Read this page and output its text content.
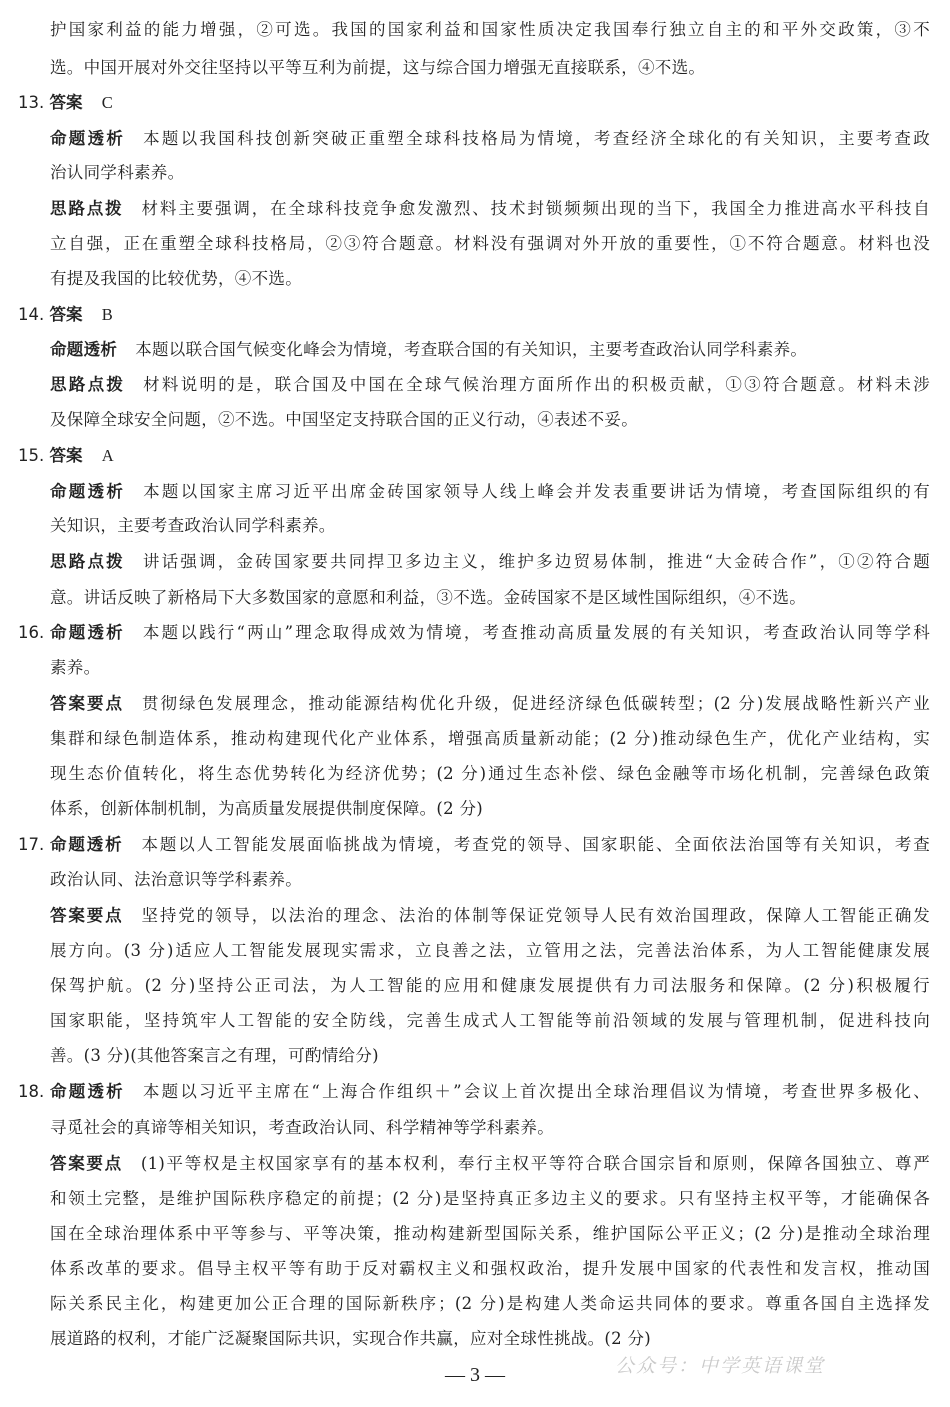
护国家利益的能力增强，②可选。我国的国家利益和国家性质决定我国奉行独立自主的和平外交政策，③不
选。中国开展对外交往坚持以平等互利为前提，这与综合国力增强无直接联系，④不选。
13. 答案 C
命题透析 本题以我国科技创新突破正重塑全球科技格局为情境，考查经济全球化的有关知识，主要考查政
治认同学科素养。
思路点拨 材料主要强调，在全球科技竞争愈发激烈、技术封锁频频出现的当下，我国全力推进高水平科技自
立自强，正在重塑全球科技格局，②③符合题意。材料没有强调对外开放的重要性，①不符合题意。材料也没
有提及我国的比较优势，④不选。
14. 答案 B
命题透析 本题以联合国气候变化峰会为情境，考查联合国的有关知识，主要考查政治认同学科素养。
思路点拨 材料说明的是，联合国及中国在全球气候治理方面所作出的积极贡献，①③符合题意。材料未涉
及保障全球安全问题，②不选。中国坚定支持联合国的正义行动，④表述不妥。
15. 答案 A
命题透析 本题以国家主席习近平出席金砖国家领导人线上峰会并发表重要讲话为情境，考查国际组织的有
关知识，主要考查政治认同学科素养。
思路点拨 讲话强调，金砖国家要共同捍卫多边主义，维护多边贸易体制，推进“大金砖合作”，①②符合题
意。讲话反映了新格局下大多数国家的意愿和利益，③不选。金砖国家不是区域性国际组织，④不选。
16. 命题透析 本题以践行“两山”理念取得成效为情境，考查推动高质量发展的有关知识，考查政治认同等学科
素养。
答案要点 贯彻绿色发展理念，推动能源结构优化升级，促进经济绿色低碳转型；(2 分)发展战略性新兴产业
集群和绿色制造体系，推动构建现代化产业体系，增强高质量新动能；(2 分)推动绿色生产，优化产业结构，实
现生态价值转化，将生态优势转化为经济优势；(2 分)通过生态补偿、绿色金融等市场化机制，完善绿色政策
体系，创新体制机制，为高质量发展提供制度保障。(2 分)
17. 命题透析 本题以人工智能发展面临挑战为情境，考查党的领导、国家职能、全面依法治国等有关知识，考查
政治认同、法治意识等学科素养。
答案要点 坚持党的领导，以法治的理念、法治的体制等保证党领导人民有效治国理政，保障人工智能正确发
展方向。(3 分)适应人工智能发展现实需求，立良善之法，立管用之法，完善法治体系，为人工智能健康发展
保驾护航。(2 分)坚持公正司法，为人工智能的应用和健康发展提供有力司法服务和保障。(2 分)积极履行
国家职能，坚持筑牢人工智能的安全防线，完善生成式人工智能等前沿领域的发展与管理机制，促进科技向
善。(3 分)(其他答案言之有理，可酌情给分)
18. 命题透析 本题以习近平主席在“上海合作组织＋”会议上首次提出全球治理倡议为情境，考查世界多极化、
寻觅社会的真谛等相关知识，考查政治认同、科学精神等学科素养。
答案要点 (1)平等权是主权国家享有的基本权利，奉行主权平等符合联合国宗旨和原则，保障各国独立、尊严
和领土完整，是维护国际秩序稳定的前提；(2 分)是坚持真正多边主义的要求。只有坚持主权平等，才能确保各
国在全球治理体系中平等参与、平等决策，推动构建新型国际关系，维护国际公平正义；(2 分)是推动全球治理
体系改革的要求。倡导主权平等有助于反对霸权主义和强权政治，提升发展中国家的代表性和发言权，推动国
际关系民主化，构建更加公正合理的国际新秩序；(2 分)是构建人类命运共同体的要求。尊重各国自主选择发
展道路的权利，才能广泛凝聚国际共识，实现合作共赢，应对全球性挑战。(2 分)
— 3 —	公众号：中学英语课堂
